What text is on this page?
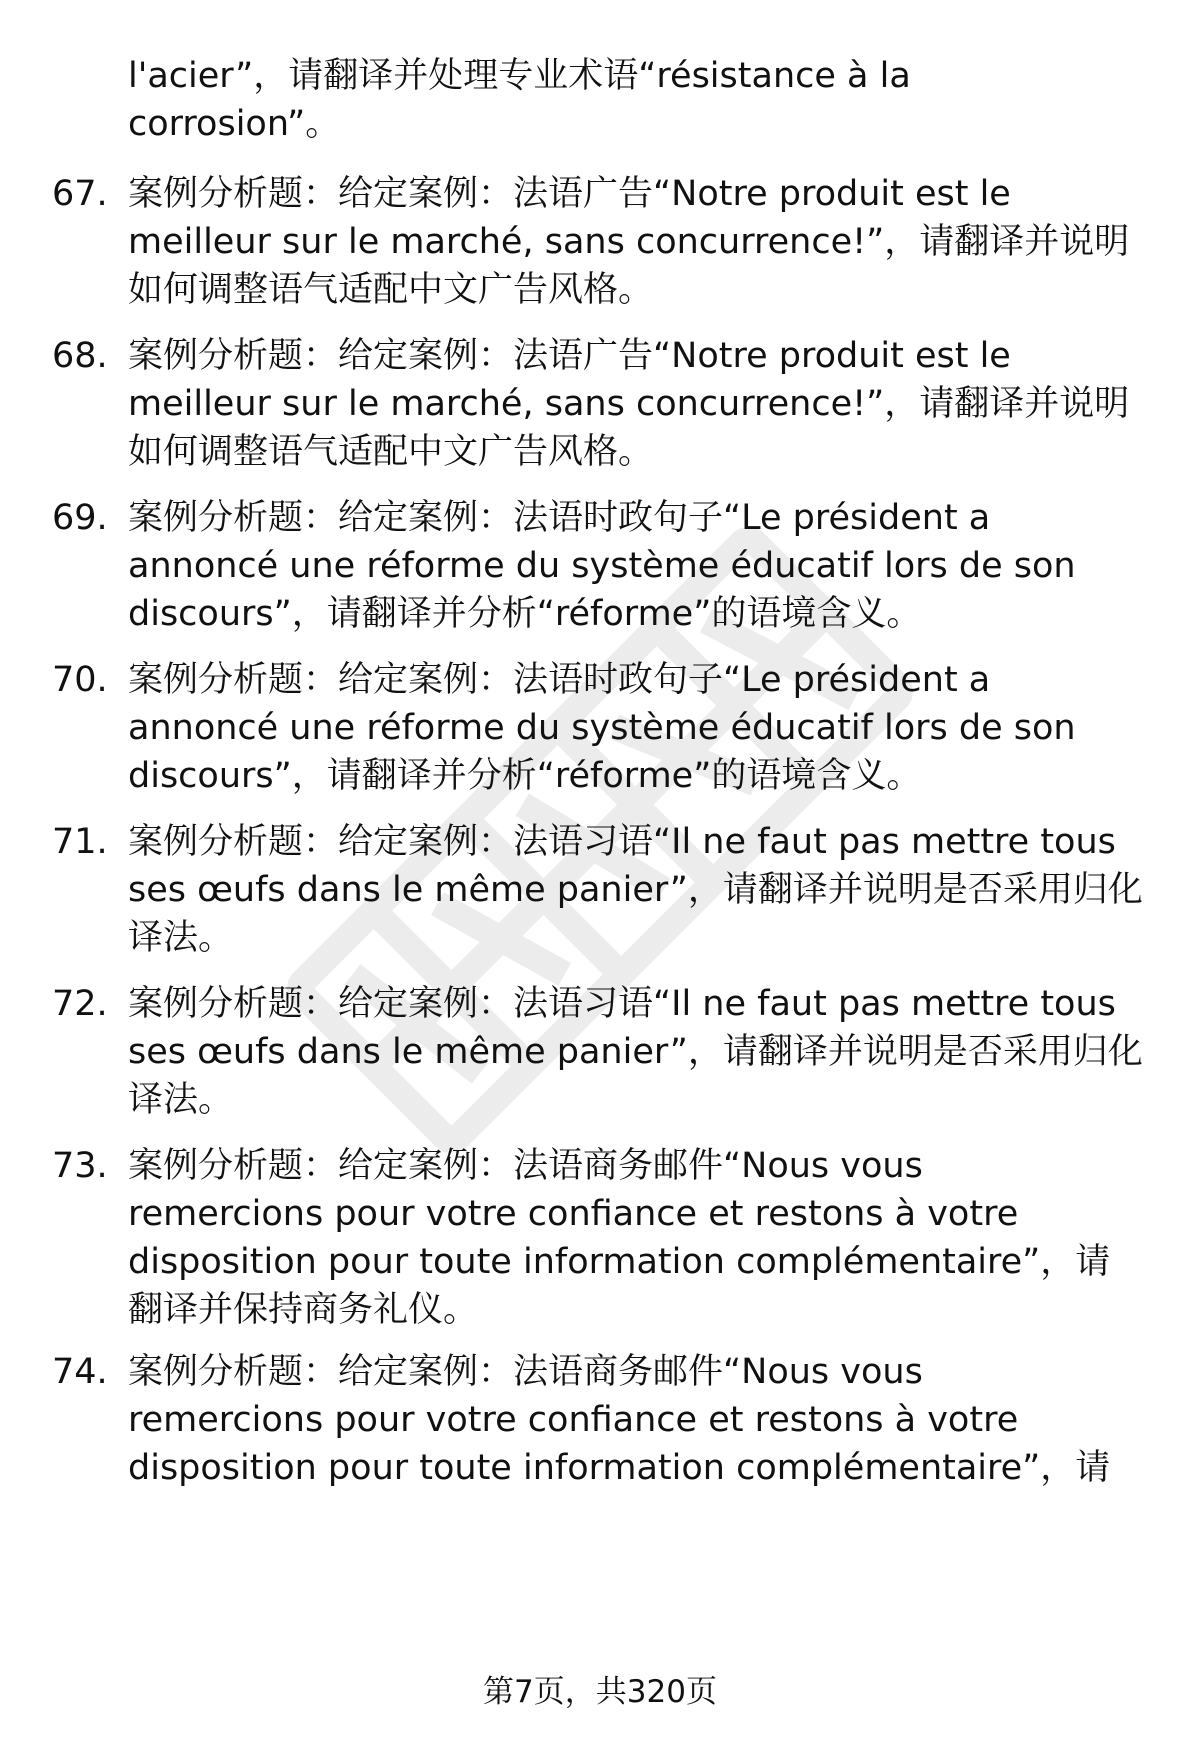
l'acier”，请翻译并处理专业术语“résistance à la
corrosion”。
67. 案例分析题：给定案例：法语广告“Notre produit est le
meilleur sur le marché, sans concurrence!”，请翻译并说明
如何调整语气适配中文广告风格。
68. 案例分析题：给定案例：法语广告“Notre produit est le
meilleur sur le marché, sans concurrence!”，请翻译并说明
如何调整语气适配中文广告风格。
69. 案例分析题：给定案例：法语时政句子“Le président a
annoncé une réforme du système éducatif lors de son
discours”，请翻译并分析“réforme”的语境含义。
70. 案例分析题：给定案例：法语时政句子“Le président a
annoncé une réforme du système éducatif lors de son
discours”，请翻译并分析“réforme”的语境含义。
71. 案例分析题：给定案例：法语习语“Il ne faut pas mettre tous
ses œufs dans le même panier”，请翻译并说明是否采用归化
译法。
72. 案例分析题：给定案例：法语习语“Il ne faut pas mettre tous
ses œufs dans le même panier”，请翻译并说明是否采用归化
译法。
73. 案例分析题：给定案例：法语商务邮件“Nous vous
remercions pour votre confiance et restons à votre
disposition pour toute information complémentaire”，请
翻译并保持商务礼仪。
74. 案例分析题：给定案例：法语商务邮件“Nous vous
remercions pour votre confiance et restons à votre
disposition pour toute information complémentaire”，请
第7页，共320页
